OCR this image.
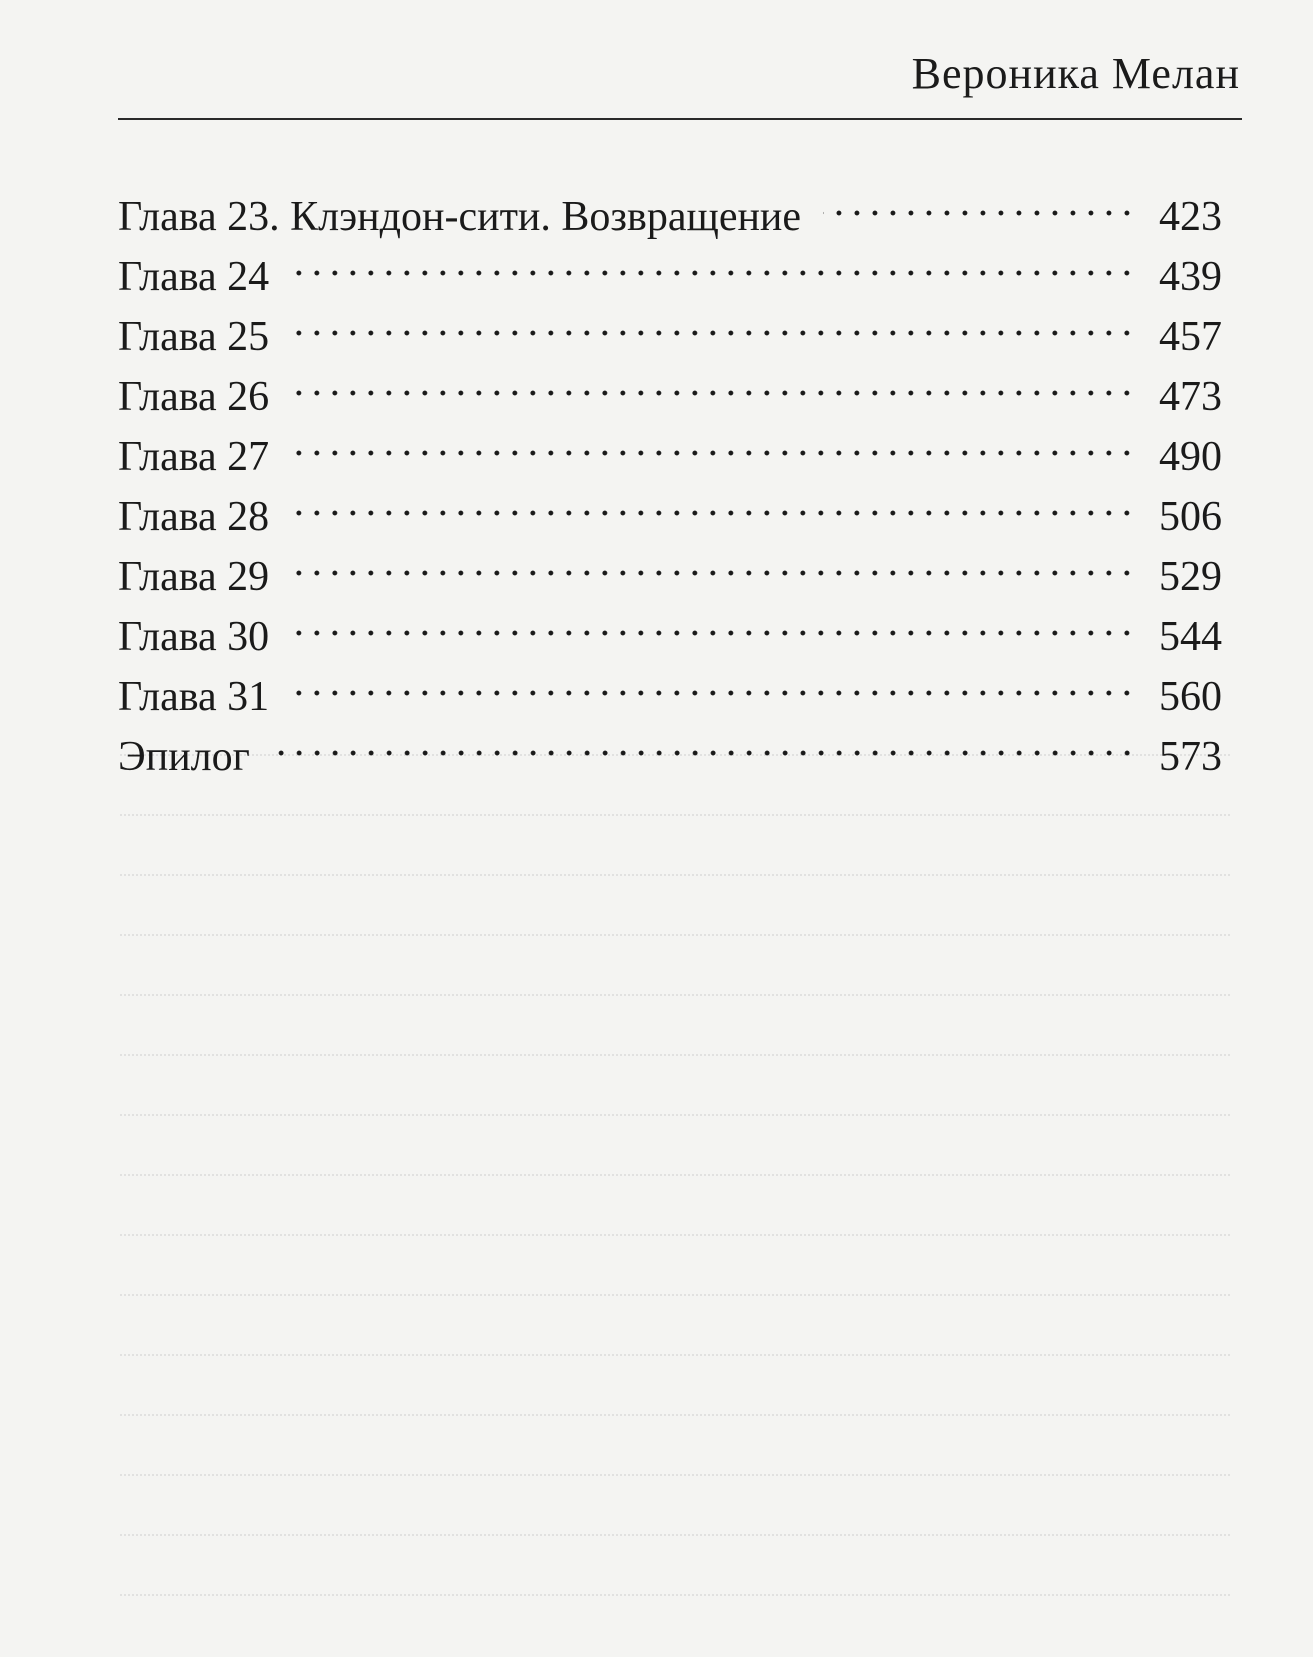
Вероника Мелан
Глава 23. Клэндон-сити. Возвращение	423
Глава 24	439
Глава 25	457
Глава 26	473
Глава 27	490
Глава 28	506
Глава 29	529
Глава 30	544
Глава 31	560
Эпилог	573
